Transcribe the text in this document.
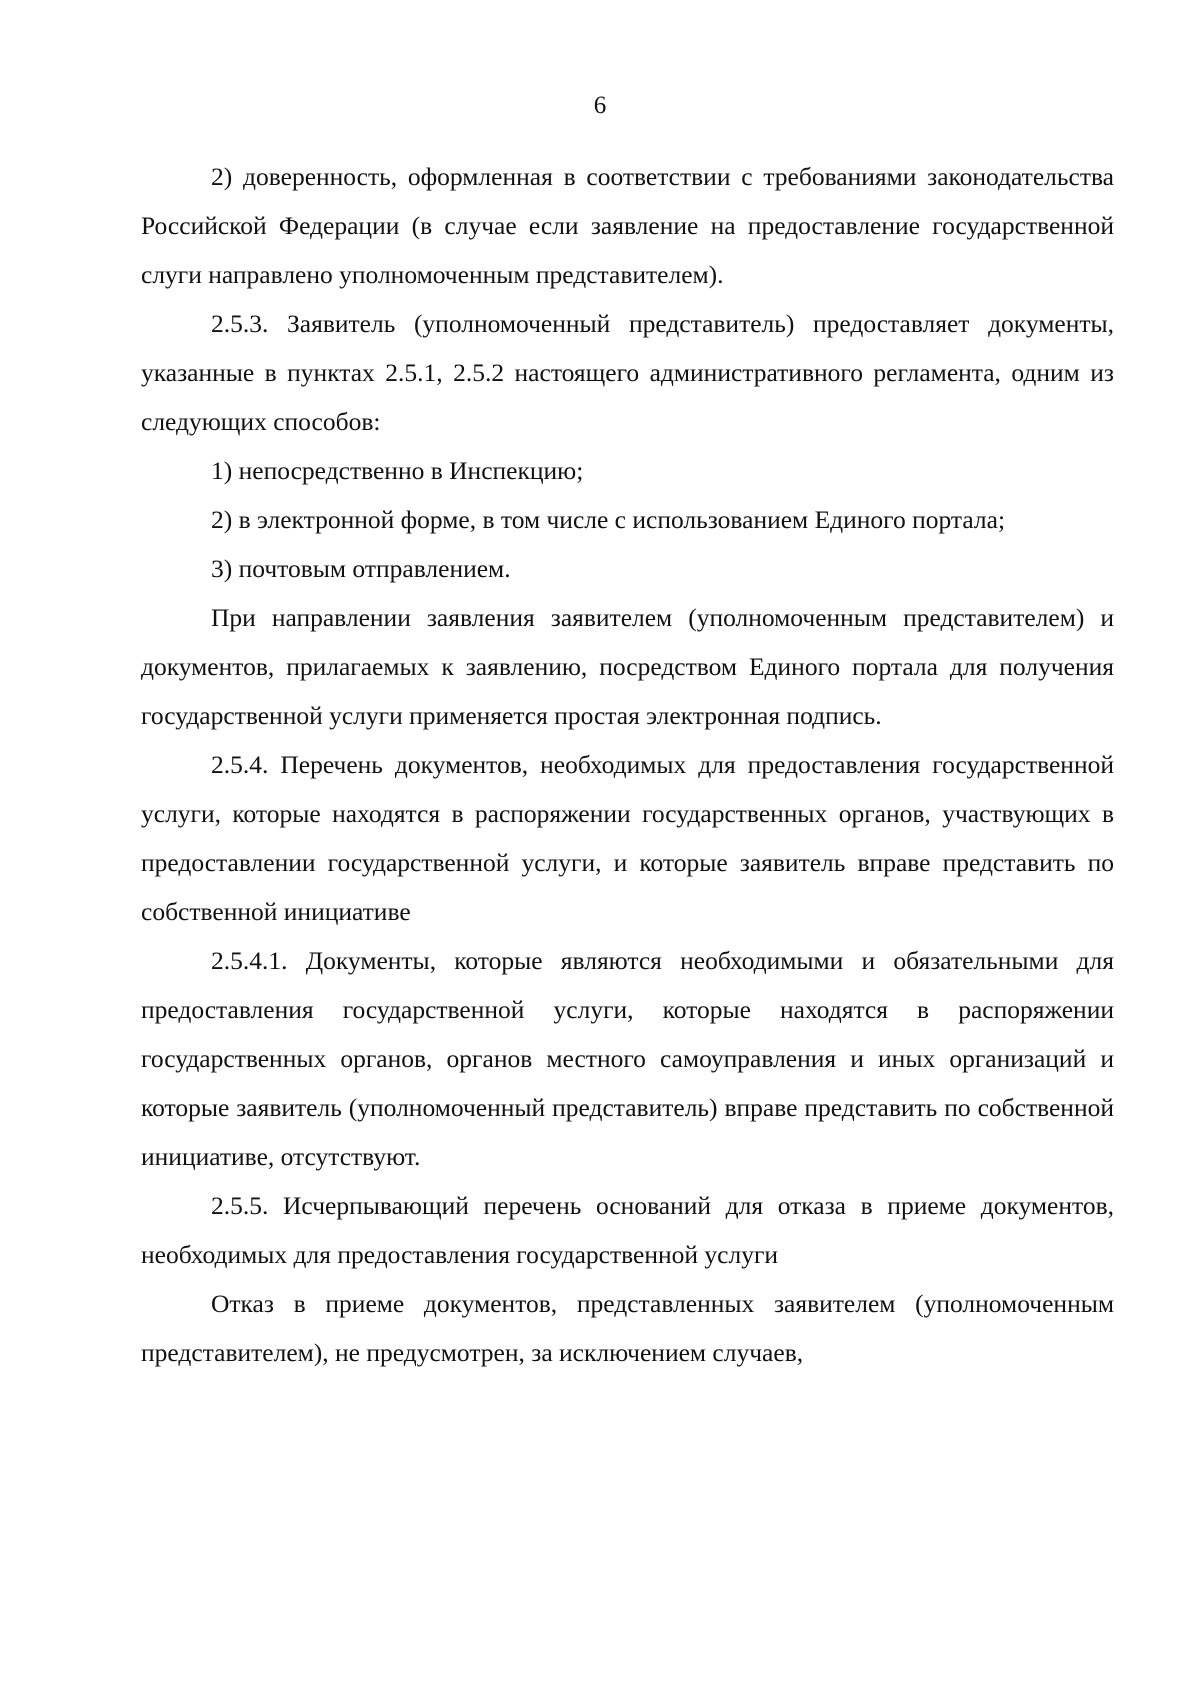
6

2) доверенность, оформленная в соответствии с требованиями законодательства Российской Федерации (в случае если заявление на предоставление государственной слуги направлено уполномоченным представителем).

2.5.3. Заявитель (уполномоченный представитель) предоставляет документы, указанные в пунктах 2.5.1, 2.5.2 настоящего административного регламента, одним из следующих способов:

1) непосредственно в Инспекцию;

2) в электронной форме, в том числе с использованием Единого портала;

3) почтовым отправлением.

При направлении заявления заявителем (уполномоченным представителем) и документов, прилагаемых к заявлению, посредством Единого портала для получения государственной услуги применяется простая электронная подпись.

2.5.4. Перечень документов, необходимых для предоставления государственной услуги, которые находятся в распоряжении государственных органов, участвующих в предоставлении государственной услуги, и которые заявитель вправе представить по собственной инициативе

2.5.4.1. Документы, которые являются необходимыми и обязательными для предоставления государственной услуги, которые находятся в распоряжении государственных органов, органов местного самоуправления и иных организаций и которые заявитель (уполномоченный представитель) вправе представить по собственной инициативе, отсутствуют.

2.5.5. Исчерпывающий перечень оснований для отказа в приеме документов, необходимых для предоставления государственной услуги

Отказ в приеме документов, представленных заявителем (уполномоченным представителем), не предусмотрен, за исключением случаев,
